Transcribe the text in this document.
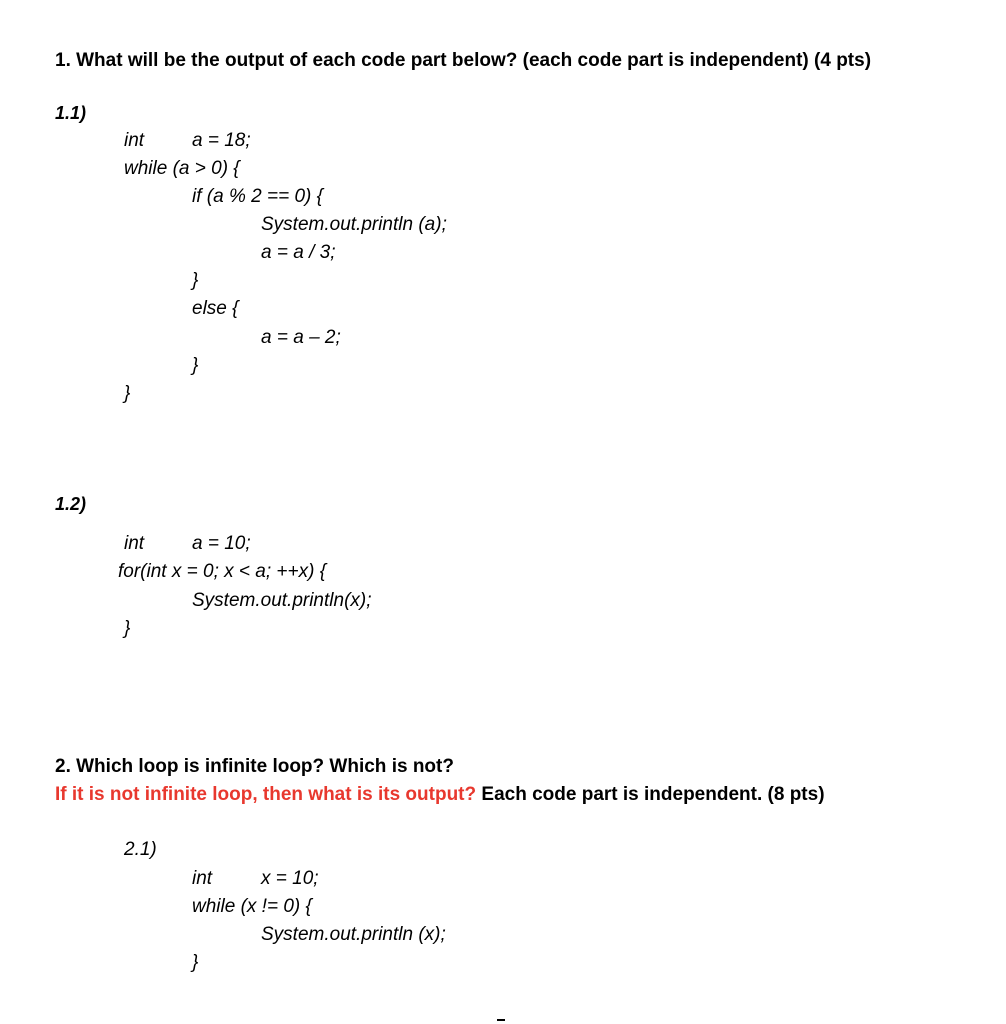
1. What will be the output of each code part below? (each code part is independent) (4 pts)
1.1)
int	a = 18;
while (a > 0) {
if (a % 2 == 0) {
System.out.println (a);
a = a / 3;
}
else {
a = a – 2;
}
}
1.2)
int	a = 10;
for(int x = 0; x < a; ++x) {
System.out.println(x);
}
2. Which loop is infinite loop? Which is not?
If it is not infinite loop, then what is its output? Each code part is independent. (8 pts)
2.1)
int	x = 10;
while (x != 0) {
System.out.println (x);
}
